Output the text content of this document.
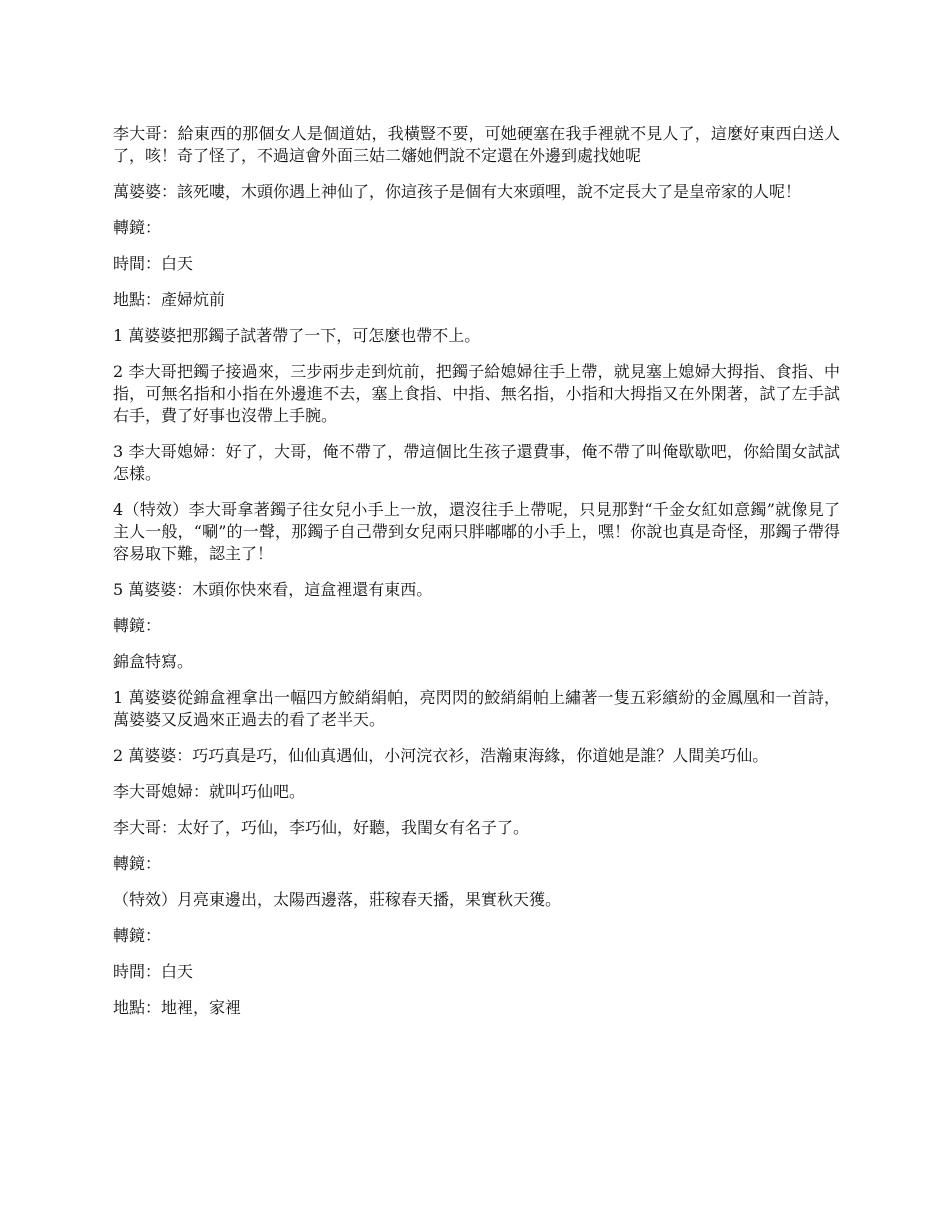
李大哥：給東西的那個女人是個道姑，我橫豎不要，可她硬塞在我手裡就不見人了，這麼好東西白送人了，咳！奇了怪了，不過這會外面三姑二嬸她們說不定還在外邊到處找她呢

萬婆婆：該死嘍，木頭你遇上神仙了，你這孩子是個有大來頭哩，說不定長大了是皇帝家的人呢！

轉鏡：

時間：白天

地點：產婦炕前

1 萬婆婆把那鐲子試著帶了一下，可怎麼也帶不上。

2 李大哥把鐲子接過來，三步兩步走到炕前，把鐲子給媳婦往手上帶，就見塞上媳婦大拇指、食指、中指，可無名指和小指在外邊進不去，塞上食指、中指、無名指，小指和大拇指又在外閑著，試了左手試右手，費了好事也沒帶上手腕。

3 李大哥媳婦：好了，大哥，俺不帶了，帶這個比生孩子還費事，俺不帶了叫俺歇歇吧，你給閨女試試怎樣。

4（特效）李大哥拿著鐲子往女兒小手上一放，還沒往手上帶呢，只見那對“千金女紅如意鐲”就像見了主人一般，“唰”的一聲，那鐲子自己帶到女兒兩只胖嘟嘟的小手上，嘿！你說也真是奇怪，那鐲子帶得容易取下難，認主了！

5 萬婆婆：木頭你快來看，這盒裡還有東西。

轉鏡：

錦盒特寫。

1 萬婆婆從錦盒裡拿出一幅四方鮫綃絹帕，亮閃閃的鮫綃絹帕上繡著一隻五彩繽紛的金鳳凰和一首詩，萬婆婆又反過來正過去的看了老半天。

2 萬婆婆：巧巧真是巧，仙仙真遇仙，小河浣衣衫，浩瀚東海緣，你道她是誰？人間美巧仙。

李大哥媳婦：就叫巧仙吧。

李大哥：太好了，巧仙，李巧仙，好聽，我閨女有名子了。

轉鏡：

（特效）月亮東邊出，太陽西邊落，莊稼春天播，果實秋天獲。

轉鏡：

時間：白天

地點：地裡，家裡
